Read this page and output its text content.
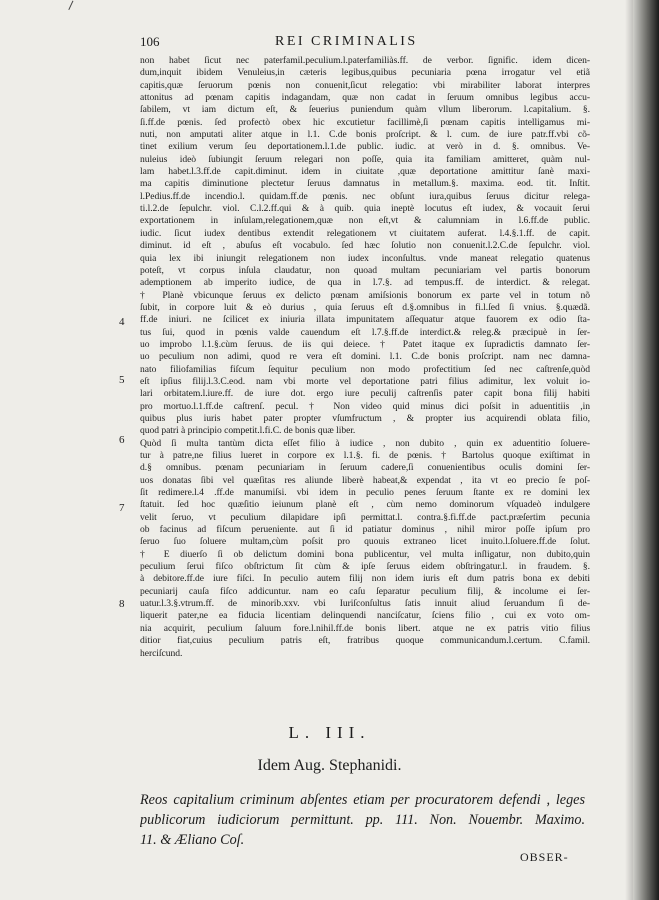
106	REI CRIMINALIS
non habet ſicut nec paterfamil.peculium.l.paterfamiliàs.ff. de verbor. ſignific. idem dicen-
dum,inquit ibidem Venuleius,in cæteris legibus,quibus pecuniaria pœna irrogatur vel etiã
capitis,quæ ſeruorum pœnis non conuenit,ſicut relegatio: vbi mirabiliter laborat interpres
attonitus ad pœnam capitis indagandam, quæ non cadat in ſeruum omnibus legibus accu-
ſabilem, vt iam dictum eſt, & ſeuerius puniendum quàm vllum liberorum. l.capitalium. §.
ſi.ff.de pœnis. ſed profectò obex hic excutietur facillimè,ſi pœnam capitis intelligamus mi-
nuti, non amputati aliter atque in l.1. C.de bonis proſcript. & l. cum. de iure patr.ff.vbi cõ-
tinet exilium verum ſeu deportationem.l.1.de public. iudic. at verò in d. §. omnibus. Ve-
nuleius ideò ſubiungit ſeruum relegari non poſſe, quia ita familiam amitteret, quàm nul-
lam habet.l.3.ff.de capit.diminut. idem in ciuitate ,quæ deportatione amittitur ſanè maxi-
ma capitis diminutione plectetur ſeruus damnatus in metallum.§. maxima. eod. tit. Inſtit.
l.Pedius.ff.de incendio.l. quidam.ff.de pœnis. nec obſunt iura,quibus ſeruus dicitur relega-
ti.l.2.de ſepulchr. viol. C.l.2.ff.qui & à quib. quia ineptè locutus eſt iudex, & vocauit ſerui
exportationem in inſulam,relegationem,quæ non eſt,vt & calumniam in l.6.ff.de public.
iudic. ſicut iudex dentibus extendit relegationem vt ciuitatem auferat. l.4.§.1.ff. de capit.
diminut. id eſt , abuſus eſt vocabulo. ſed hæc ſolutio non conuenit.l.2.C.de ſepulchr. viol.
quia lex ibi iniungit relegationem non iudex inconſultus. vnde maneat relegatio quatenus
poteſt, vt corpus inſula claudatur, non quoad multam pecuniariam vel partis bonorum
ademptionem ab imperito iudice, de qua in l.7.§. ad tempus.ff. de interdict. & relegat.
† Planè vbicunque ſeruus ex delicto pœnam amiſsionis bonorum ex parte vel in totum nõ
ſubit, in corpore luit & eò durius , quia ſeruus eſt d.§.omnibus in fi.l.ſed ſi vnius. §.quædã.
ff.de iniuri. ne ſcilicet ex iniuria illata impunitatem aſſequatur atque fauorem ex odio ſta-
tus ſui, quod in pœnis valde cauendum eſt l.7.§.ff.de interdict.& releg.& præcipuè in ſer-
uo improbo l.1.§.cùm ſeruus. de iis qui deiece. † Patet itaque ex ſupradictis damnato ſer-
uo peculium non adimi, quod re vera eſt domini. l.1. C.de bonis proſcript. nam nec damna-
nato filiofamilias fiſcum ſequitur peculium non modo profectitium ſed nec caſtrenſe,quòd
eſt ipſius filij.l.3.C.eod. nam vbi morte vel deportatione patri filius adimitur, lex voluit io-
lari orbitatem.l.iure.ff. de iure dot. ergo iure peculij caſtrenſis pater capit bona filij habiti
pro mortuo.l.1.ff.de caſtrenſ. pecul. † Non video quid minus dici poſsit in aduentitiis ,in
quibus plus iuris habet pater propter vſumfructum , & propter ius acquirendi oblata filio,
quod patri à principio competit.l.fi.C. de bonis quæ liber.
Quòd ſi multa tantùm dicta eſſet filio à iudice , non dubito , quin ex aduentitio ſoluere-
tur à patre,ne filius lueret in corpore ex l.1.§. fi. de pœnis. † Bartolus quoque exiſtimat in
d.§ omnibus. pœnam pecuniariam in ſeruum cadere,ſi conuenientibus oculis domini ſer-
uos donatas ſibi vel quæſitas res aliunde liberè habeat,& expendat , ita vt eo precio ſe poſ-
ſit redimere.l.4 .ff.de manumiſsi. vbi idem in peculio penes ſeruum ſtante ex re domini lex
ſtatuit. ſed hoc quæſitio ieiunum planè eſt , cùm nemo dominorum vſquadeò indulgere
velit ſeruo, vt peculium dilapidare ipſi permittat.l. contra.§.fi.ff.de pact.præſertim pecunia
ob facinus ad fiſcum perueniente. aut ſi id patiatur dominus , nihil miror poſſe ipſum pro
ſeruo ſuo ſoluere multam,cùm poſsit pro quouis extraneo licet inuito.l.ſoluere.ff.de ſolut.
† E diuerſo ſi ob delictum domini bona publicentur, vel multa inſligatur, non dubito,quin
peculium ſerui fiſco obſtrictum ſit cùm & ipſe ſeruus eidem obſtringatur.l. in fraudem. §.
à debitore.ff.de iure fiſci. In peculio autem filij non idem iuris eſt dum patris bona ex debiti
pecuniarij cauſa fiſco addicuntur. nam eo caſu ſeparatur peculium filij, & incolume ei ſer-
uatur.l.3.§.vtrum.ff. de minorib.xxv. vbi Iuriſconſultus ſatis innuit aliud ſeruandum ſi de-
liquerit pater,ne ea fiducia licentiam delinquendi nanciſcatur, ſciens filio , cui ex voto om-
nia acquirit, peculium ſaluum fore.l.nihil.ff.de bonis libert. atque ne ex patris vitio filius
ditior fiat,cuius peculium patris eſt, fratribus quoque communicandum.l.certum. C.famil.
herciſcund.
4
5
6
7
8
L. III.
Idem Aug. Stephanidi.
Reos capitalium criminum abſentes etiam per procuratorem defendi , leges
publicorum iudiciorum permittunt. pp. 111. Non. Nouembr. Maximo.
11. & Æliano Coſ.
OBSER-
